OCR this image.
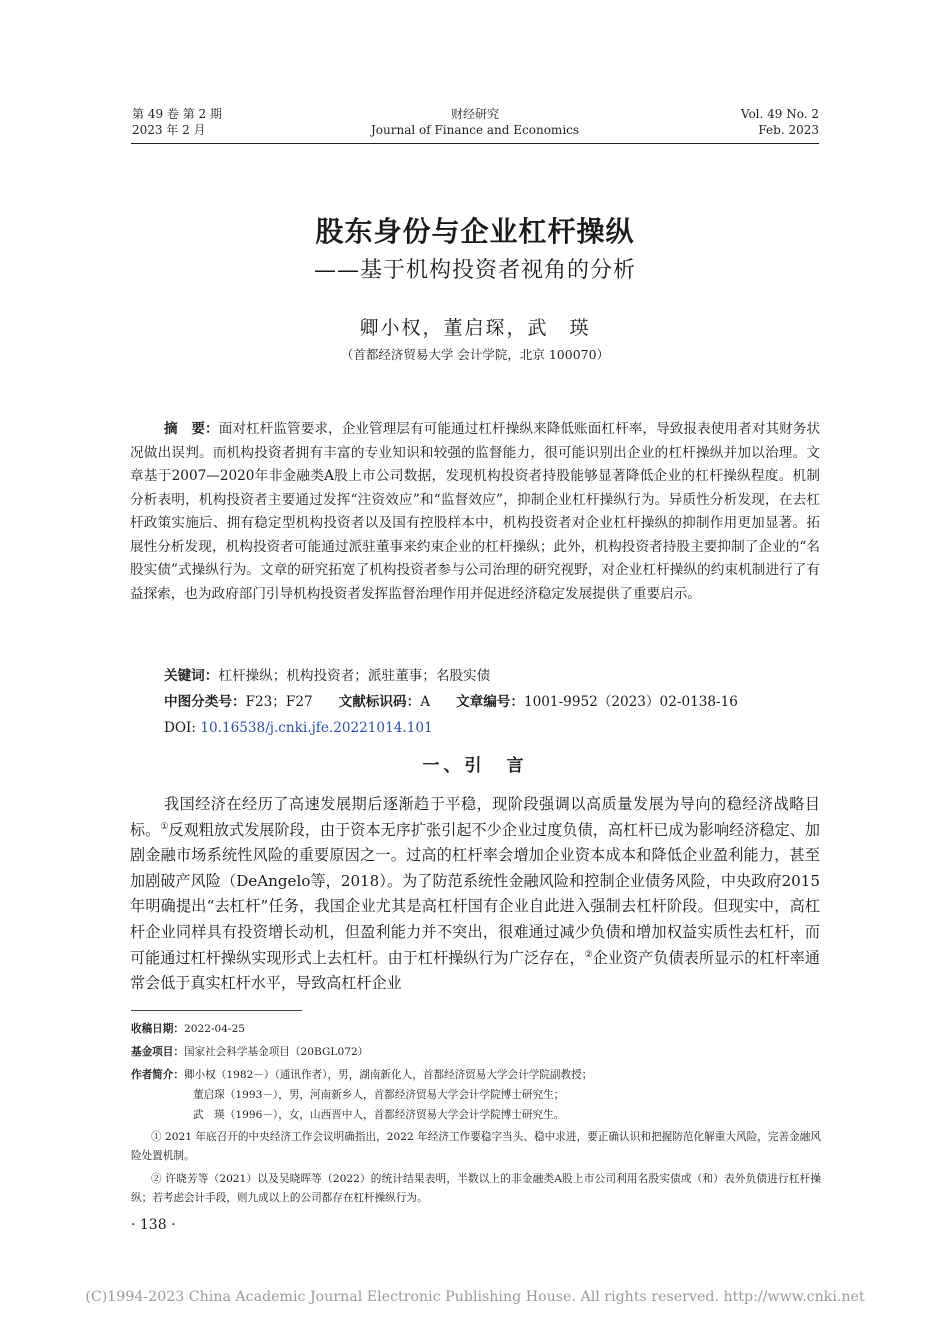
第 49 卷 第 2 期
2023 年 2 月
财经研究
Journal of Finance and Economics
Vol. 49 No. 2
Feb. 2023
股东身份与企业杠杆操纵
——基于机构投资者视角的分析
卿小权，董启琛，武　瑛
（首都经济贸易大学 会计学院，北京 100070）

摘　要：面对杠杆监管要求，企业管理层有可能通过杠杆操纵来降低账面杠杆率，导致报表使用者对其财务状况做出误判。而机构投资者拥有丰富的专业知识和较强的监督能力，很可能识别出企业的杠杆操纵并加以治理。文章基于2007—2020年非金融类A股上市公司数据，发现机构投资者持股能够显著降低企业的杠杆操纵程度。机制分析表明，机构投资者主要通过发挥“注资效应”和“监督效应”，抑制企业杠杆操纵行为。异质性分析发现，在去杠杆政策实施后、拥有稳定型机构投资者以及国有控股样本中，机构投资者对企业杠杆操纵的抑制作用更加显著。拓展性分析发现，机构投资者可能通过派驻董事来约束企业的杠杆操纵；此外，机构投资者持股主要抑制了企业的“名股实债”式操纵行为。文章的研究拓宽了机构投资者参与公司治理的研究视野，对企业杠杆操纵的约束机制进行了有益探索，也为政府部门引导机构投资者发挥监督治理作用并促进经济稳定发展提供了重要启示。

关键词：杠杆操纵；机构投资者；派驻董事；名股实债
中图分类号：F23；F27 文献标识码：A 文章编号：1001-9952（2023）02-0138-16
DOI: 10.16538/j.cnki.jfe.20221014.101
一、引　言

我国经济在经历了高速发展期后逐渐趋于平稳，现阶段强调以高质量发展为导向的稳经济战略目标。①反观粗放式发展阶段，由于资本无序扩张引起不少企业过度负债，高杠杆已成为影响经济稳定、加剧金融市场系统性风险的重要原因之一。过高的杠杆率会增加企业资本成本和降低企业盈利能力，甚至加剧破产风险（DeAngelo等，2018）。为了防范系统性金融风险和控制企业债务风险，中央政府2015年明确提出“去杠杆”任务，我国企业尤其是高杠杆国有企业自此进入强制去杠杆阶段。但现实中，高杠杆企业同样具有投资增长动机，但盈利能力并不突出，很难通过减少负债和增加权益实质性去杠杆，而可能通过杠杆操纵实现形式上去杠杆。由于杠杆操纵行为广泛存在，②企业资产负债表所显示的杠杆率通常会低于真实杠杆水平，导致高杠杆企业

收稿日期：2022-04-25
基金项目：国家社会科学基金项目（20BGL072）
作者简介：卿小权（1982－）（通讯作者），男，湖南新化人，首都经济贸易大学会计学院副教授；
董启琛（1993－），男，河南新乡人，首都经济贸易大学会计学院博士研究生；
武　瑛（1996－），女，山西晋中人，首都经济贸易大学会计学院博士研究生。
① 2021 年底召开的中央经济工作会议明确指出，2022 年经济工作要稳字当头、稳中求进，要正确认识和把握防范化解重大风险，完善金融风险处置机制。
② 许晓芳等（2021）以及吴晓晖等（2022）的统计结果表明，半数以上的非金融类A股上市公司利用名股实债或（和）表外负债进行杠杆操纵；若考虑会计手段，则九成以上的公司都存在杠杆操纵行为。
· 138 ·
(C)1994-2023 China Academic Journal Electronic Publishing House. All rights reserved. http://www.cnki.net
